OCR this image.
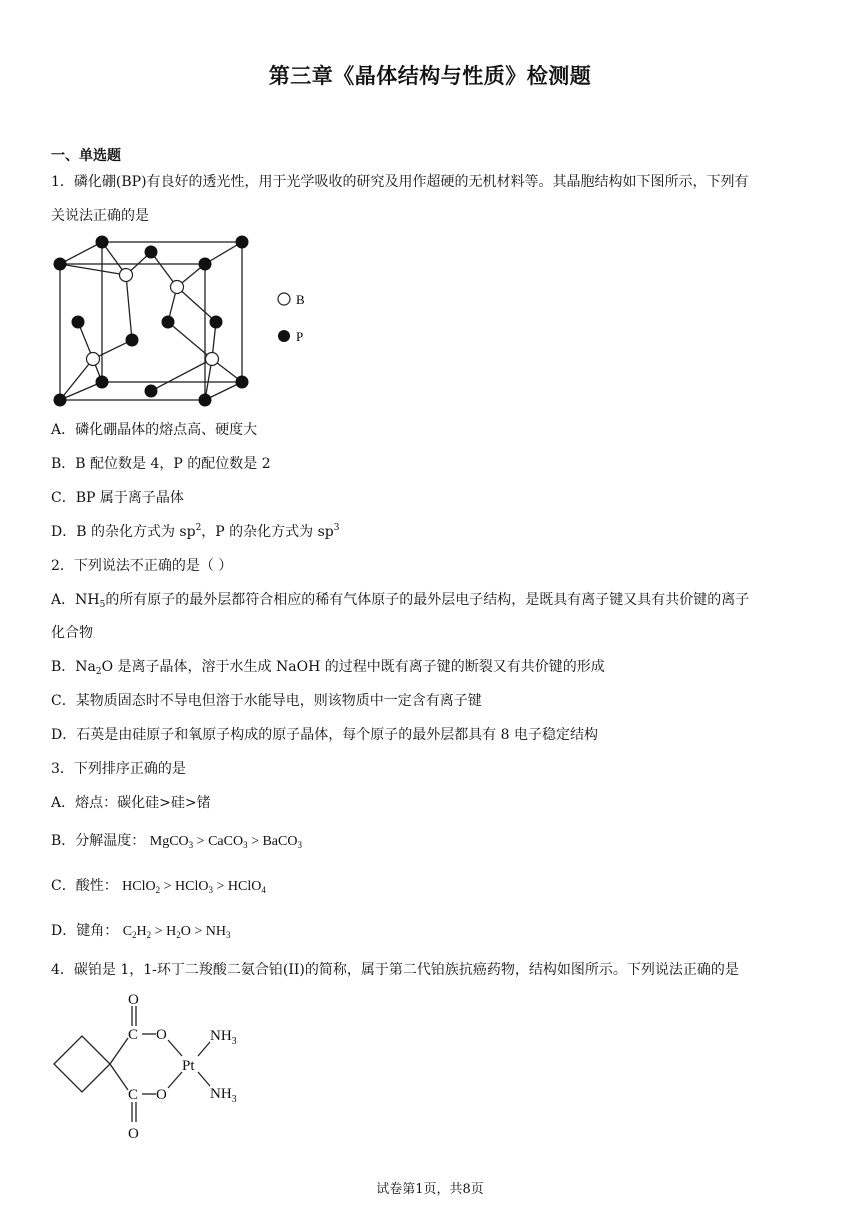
第三章《晶体结构与性质》检测题
一、单选题
1．磷化硼(BP)有良好的透光性，用于光学吸收的研究及用作超硬的无机材料等。其晶胞结构如下图所示，下列有
关说法正确的是
B
P
A．磷化硼晶体的熔点高、硬度大
B．B 配位数是 4，P 的配位数是 2
C．BP 属于离子晶体
D．B 的杂化方式为 $sp^2$，P 的杂化方式为 $sp^3$
2．下列说法不正确的是（ ）
A．$NH_5$的所有原子的最外层都符合相应的稀有气体原子的最外层电子结构，是既具有离子键又具有共价键的离子
化合物
B．$Na_2O$ 是离子晶体，溶于水生成 NaOH 的过程中既有离子键的断裂又有共价键的形成
C．某物质固态时不导电但溶于水能导电，则该物质中一定含有离子键
D．石英是由硅原子和氧原子构成的原子晶体，每个原子的最外层都具有 8 电子稳定结构
3．下列排序正确的是
A．熔点：碳化硅>硅>锗
B．分解温度： MgCO$_3$ > CaCO$_3$ > BaCO$_3$
C．酸性： HClO$_2$ > HClO$_3$ > HClO$_4$
D．键角： $C_2H_2 > H_2O > NH_3$
4．碳铂是 1，1-环丁二羧酸二氨合铂(II)的简称，属于第二代铂族抗癌药物，结构如图所示。下列说法正确的是
O
C O
Pt
O
C
O
$NH_3$
$NH_3$
试卷第1页，共8页
